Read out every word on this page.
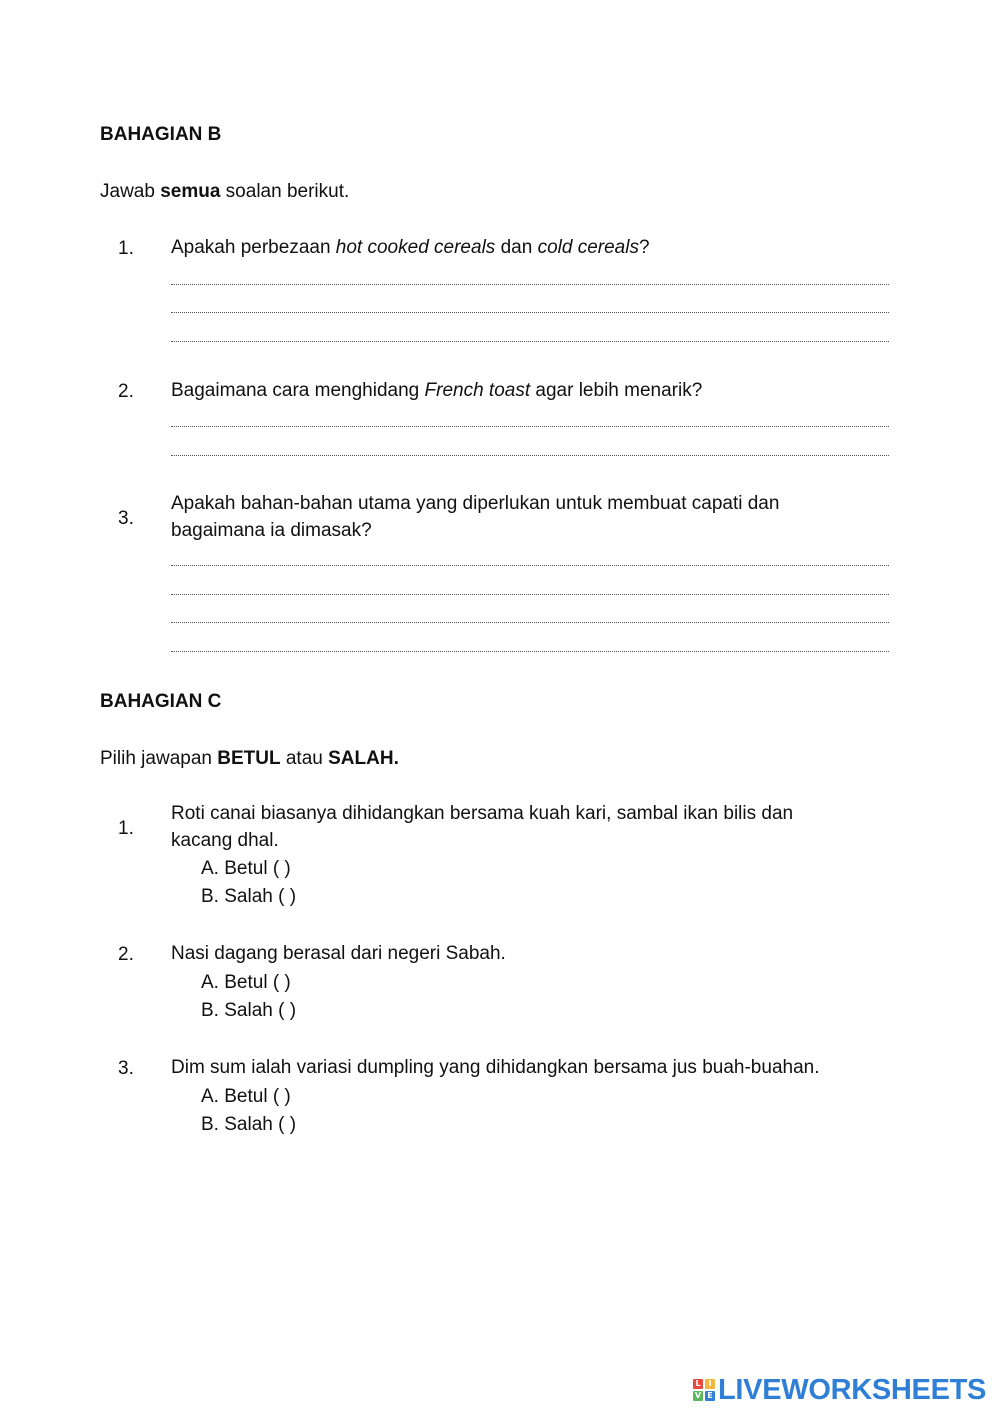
BAHAGIAN B
Jawab semua soalan berikut.
1.	Apakah perbezaan hot cooked cereals dan cold cereals?
2.	Bagaimana cara menghidang French toast agar lebih menarik?
3.
Apakah bahan-bahan utama yang diperlukan untuk membuat capati dan
bagaimana ia dimasak?
BAHAGIAN C
Pilih jawapan BETUL atau SALAH.
1.
Roti canai biasanya dihidangkan bersama kuah kari, sambal ikan bilis dan
kacang dhal.
A. Betul ( )
B. Salah ( )
2.	Nasi dagang berasal dari negeri Sabah.
A. Betul ( )
B. Salah ( )
3.	Dim sum ialah variasi dumpling yang dihidangkan bersama jus buah-buahan.
A. Betul ( )
B. Salah ( )
L I
V E LIVEWORKSHEETS
